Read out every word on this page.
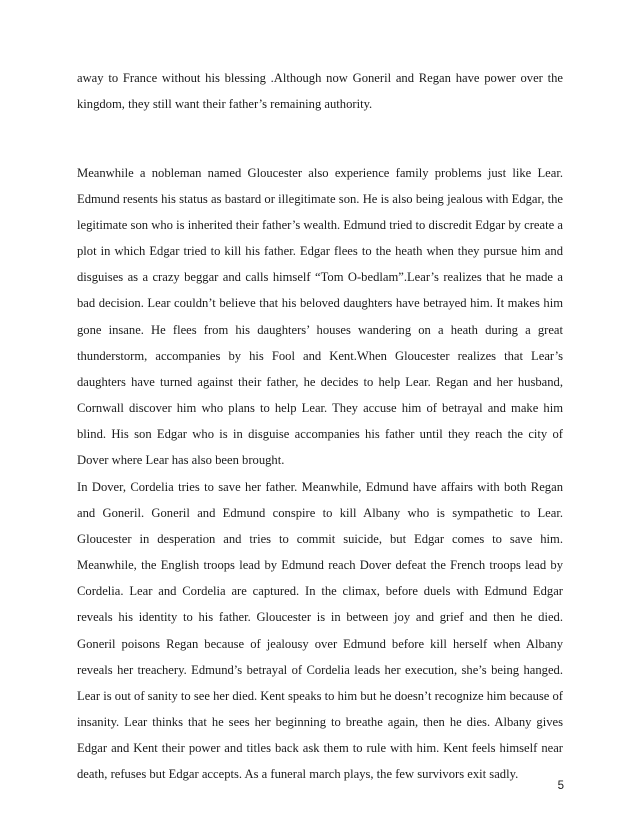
away to France without his blessing .Although now Goneril and Regan have power over the kingdom, they still want their father’s remaining authority.

Meanwhile a nobleman named Gloucester also experience family problems just like Lear. Edmund resents his status as bastard or illegitimate son. He is also being jealous with Edgar, the legitimate son who is inherited their father’s wealth. Edmund tried to discredit Edgar by create a plot in which Edgar tried to kill his father. Edgar flees to the heath when they pursue him and disguises as a crazy beggar and calls himself “Tom O-bedlam”.Lear’s realizes that he made a bad decision. Lear couldn’t believe that his beloved daughters have betrayed him. It makes him gone insane. He flees from his daughters’ houses wandering on a heath during a great thunderstorm, accompanies by his Fool and Kent.When Gloucester realizes that Lear’s daughters have turned against their father, he decides to help Lear. Regan and her husband, Cornwall discover him who plans to help Lear. They accuse him of betrayal and make him blind. His son Edgar who is in disguise accompanies his father until they reach the city of Dover where Lear has also been brought.

In Dover, Cordelia tries to save her father. Meanwhile, Edmund have affairs with both Regan and Goneril. Goneril and Edmund conspire to kill Albany who is sympathetic to Lear. Gloucester in desperation and tries to commit suicide, but Edgar comes to save him. Meanwhile, the English troops lead by Edmund reach Dover defeat the French troops lead by Cordelia. Lear and Cordelia are captured. In the climax, before duels with Edmund Edgar reveals his identity to his father. Gloucester is in between joy and grief and then he died. Goneril poisons Regan because of jealousy over Edmund before kill herself when Albany reveals her treachery. Edmund’s betrayal of Cordelia leads her execution, she’s being hanged. Lear is out of sanity to see her died. Kent speaks to him but he doesn’t recognize him because of insanity. Lear thinks that he sees her beginning to breathe again, then he dies. Albany gives Edgar and Kent their power and titles back ask them to rule with him. Kent feels himself near death, refuses but Edgar accepts. As a funeral march plays, the few survivors exit sadly.

5
